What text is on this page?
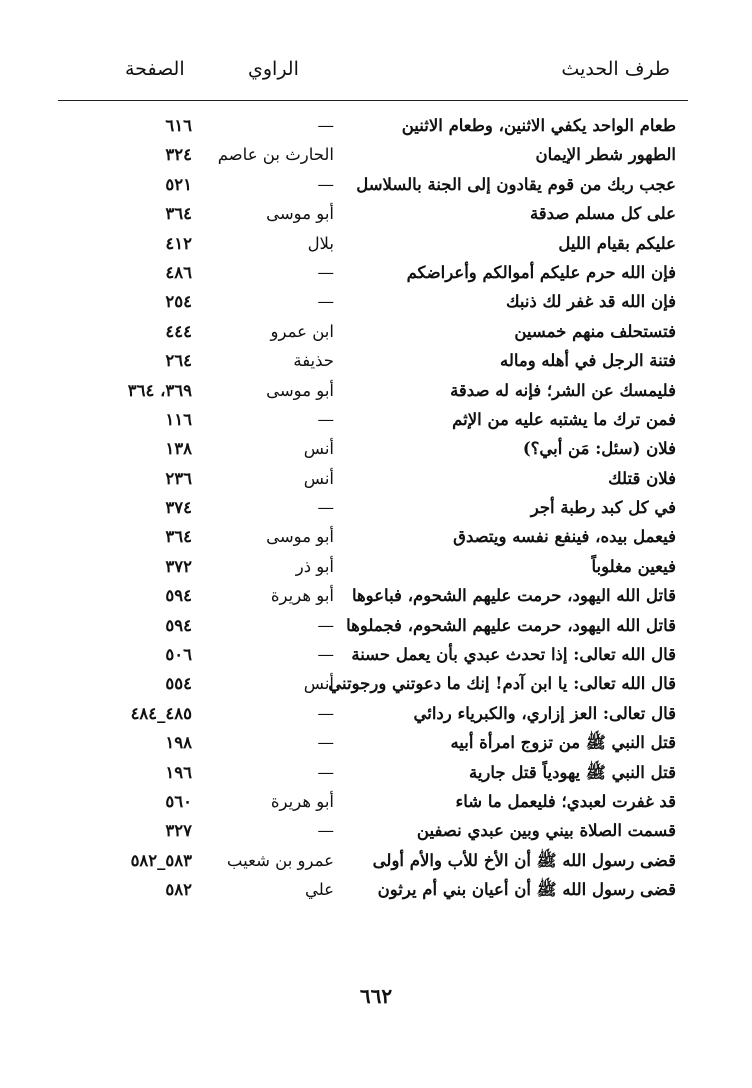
طرف الحديث
الراوي
الصفحة
طعام الواحد يكفي الاثنين، وطعام الاثنين
—
٦١٦
الطهور شطر الإيمان
الحارث بن عاصم
٣٢٤
عجب ربك من قوم يقادون إلى الجنة بالسلاسل
—
٥٢١
على كل مسلم صدقة
أبو موسى
٣٦٤
عليكم بقيام الليل
بلال
٤١٢
فإن الله حرم عليكم أموالكم وأعراضكم
—
٤٨٦
فإن الله قد غفر لك ذنبك
—
٢٥٤
فتستحلف منهم خمسين
ابن عمرو
٤٤٤
فتنة الرجل في أهله وماله
حذيفة
٢٦٤
فليمسك عن الشر؛ فإنه له صدقة
أبو موسى
٣٦٩، ٣٦٤
فمن ترك ما يشتبه عليه من الإثم
—
١١٦
فلان (سئل: مَن أبي؟)
أنس
١٣٨
فلان قتلك
أنس
٢٣٦
في كل كبد رطبة أجر
—
٣٧٤
فيعمل بيده، فينفع نفسه ويتصدق
أبو موسى
٣٦٤
فيعين مغلوباً
أبو ذر
٣٧٢
قاتل الله اليهود، حرمت عليهم الشحوم، فباعوها
أبو هريرة
٥٩٤
قاتل الله اليهود، حرمت عليهم الشحوم، فجملوها
—
٥٩٤
قال الله تعالى: إذا تحدث عبدي بأن يعمل حسنة
—
٥٠٦
قال الله تعالى: يا ابن آدم! إنك ما دعوتني ورجوتني
أنس
٥٥٤
قال تعالى: العز إزاري، والكبرياء ردائي
—
٤٨٥_٤٨٤
قتل النبي ﷺ من تزوج امرأة أبيه
—
١٩٨
قتل النبي ﷺ يهودياً قتل جارية
—
١٩٦
قد غفرت لعبدي؛ فليعمل ما شاء
أبو هريرة
٥٦٠
قسمت الصلاة بيني وبين عبدي نصفين
—
٣٢٧
قضى رسول الله ﷺ أن الأخ للأب والأم أولى
عمرو بن شعيب
٥٨٣_٥٨٢
قضى رسول الله ﷺ أن أعيان بني أم يرثون
علي
٥٨٢
٦٦٢
